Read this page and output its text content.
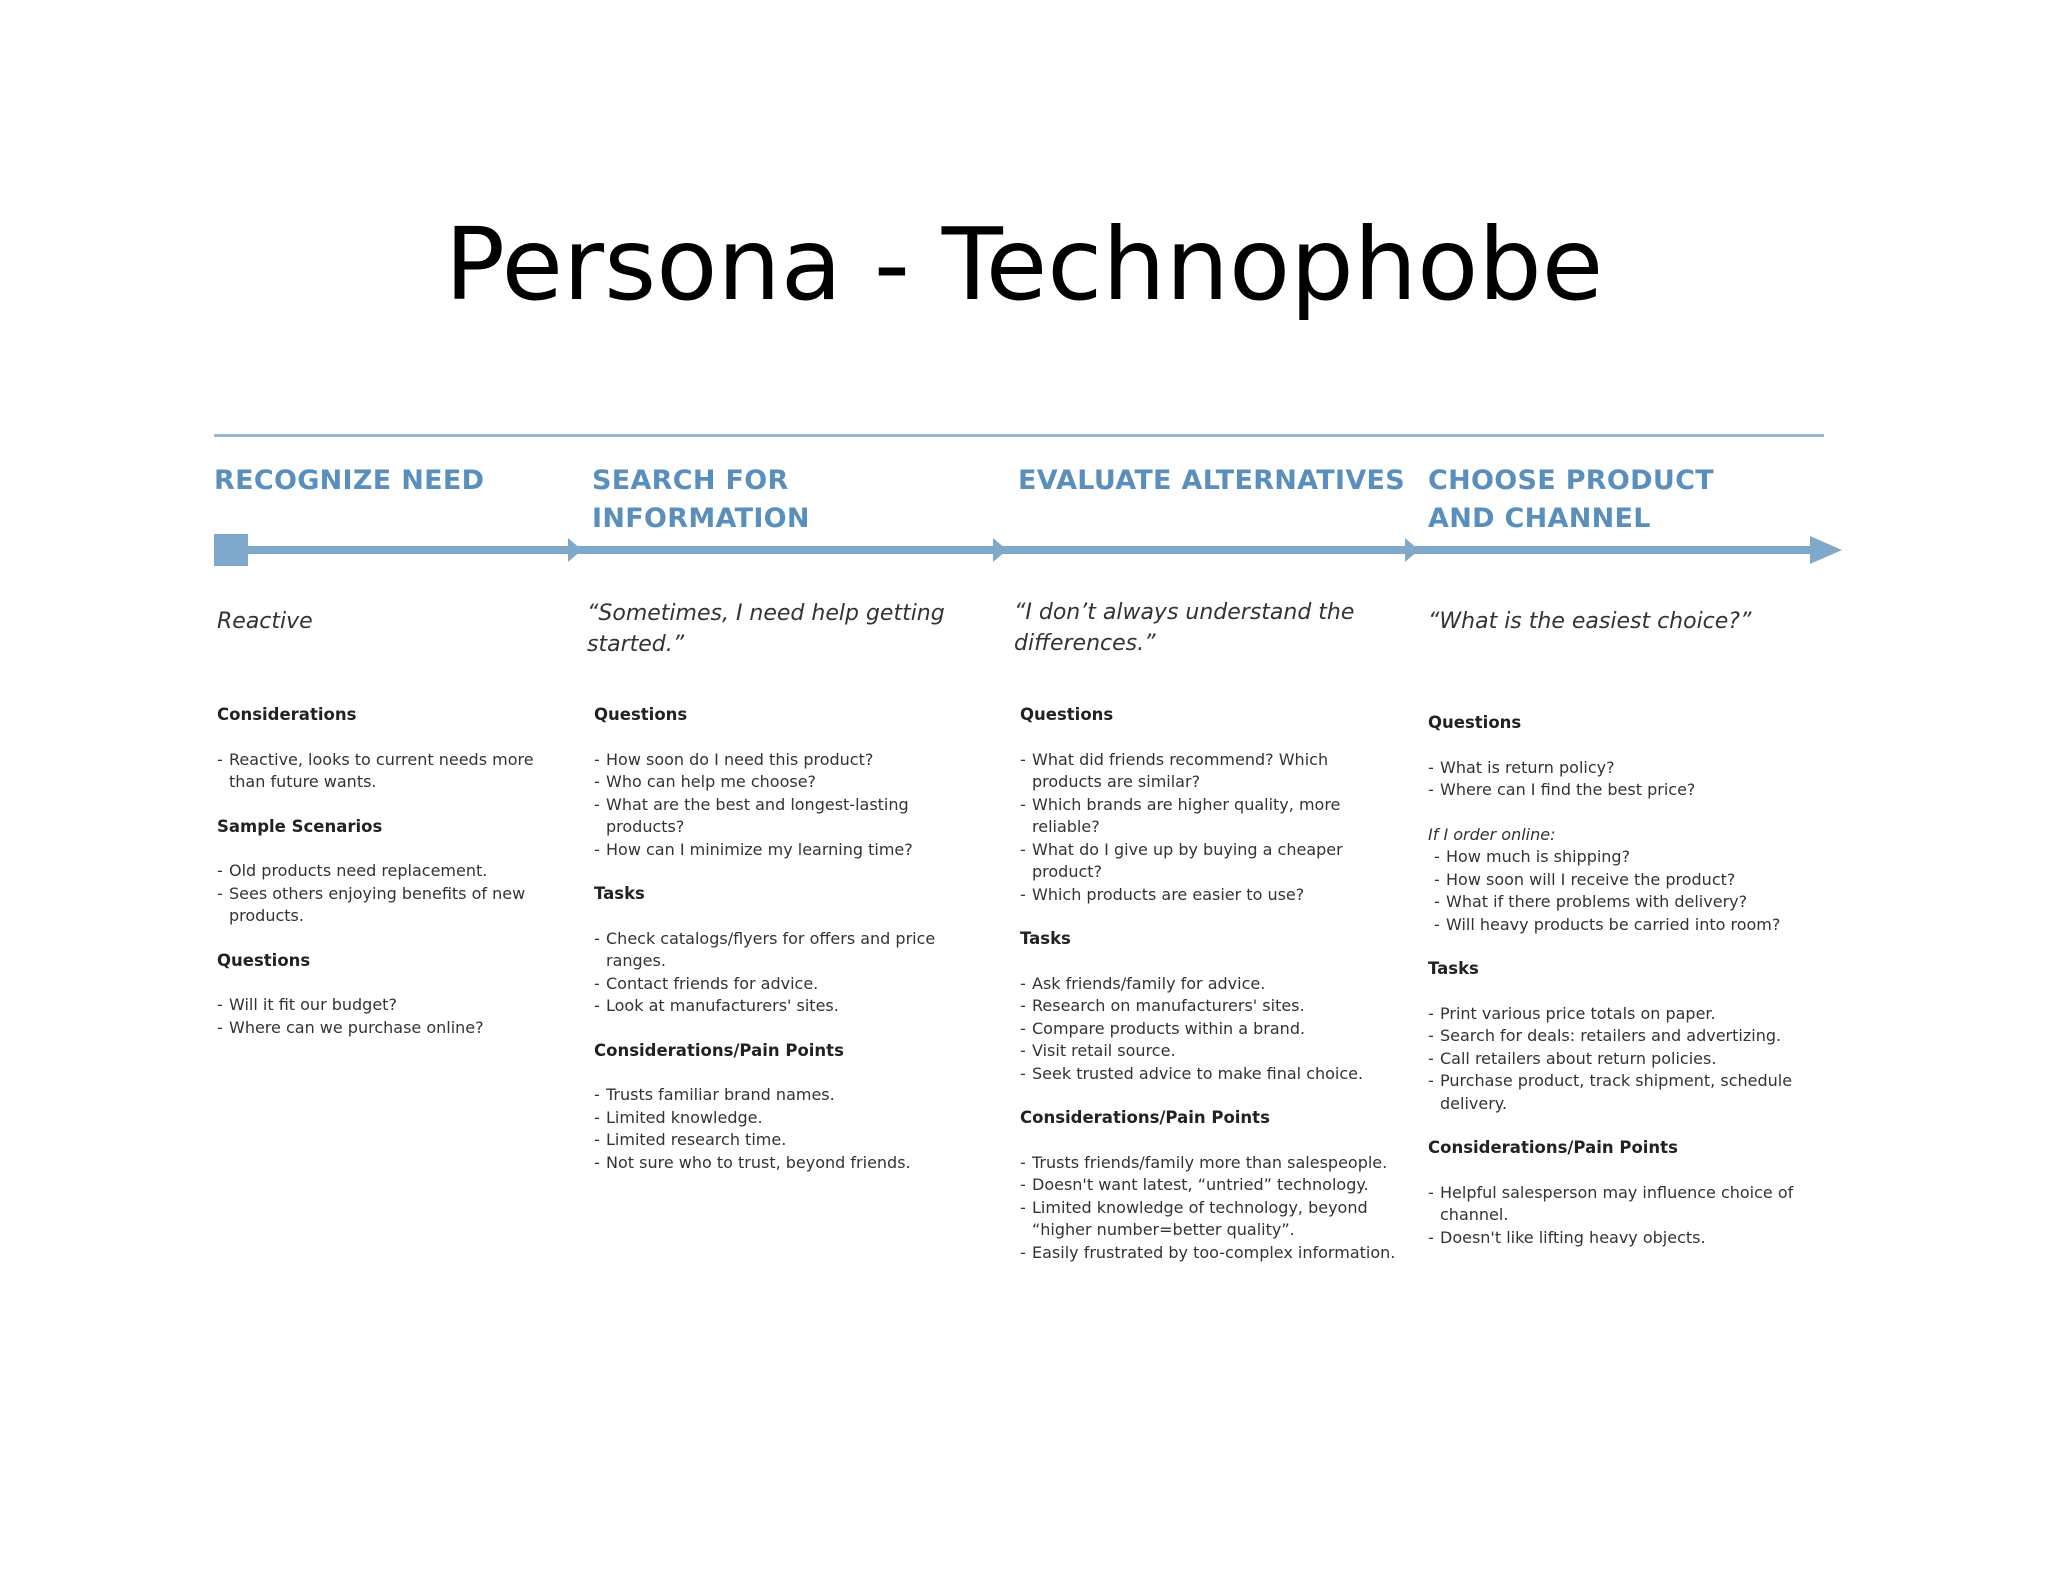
Persona - Technophobe
RECOGNIZE NEED	SEARCH FOR INFORMATION
EVALUATE ALTERNATIVES CHOOSE PRODUCT AND CHANNEL
Reactive	“Sometimes, I need help getting started.”
“I don’t always understand the differences.”
“What is the easiest choice?”

Considerations

- Reactive, looks to current needs more than future wants.

Sample Scenarios

- Old products need replacement.
- Sees others enjoying benefits of new products.

Questions

- Will it fit our budget?
- Where can we purchase online?

Questions

- How soon do I need this product?
- Who can help me choose?
- What are the best and longest-lasting products?
- How can I minimize my learning time?

Tasks

- Check catalogs/flyers for offers and price ranges.
- Contact friends for advice.
- Look at manufacturers' sites.

Considerations/Pain Points

- Trusts familiar brand names.
- Limited knowledge.
- Limited research time.
- Not sure who to trust, beyond friends.

Questions

- What did friends recommend? Which products are similar?
- Which brands are higher quality, more reliable?
- What do I give up by buying a cheaper product?
- Which products are easier to use?

Tasks

- Ask friends/family for advice.
- Research on manufacturers' sites.
- Compare products within a brand.
- Visit retail source.
- Seek trusted advice to make final choice.

Considerations/Pain Points

- Trusts friends/family more than salespeople.
- Doesn't want latest, “untried” technology.
- Limited knowledge of technology, beyond “higher number=better quality”.
- Easily frustrated by too-complex information.

Questions

- What is return policy?
- Where can I find the best price?

If I order online:

- How much is shipping?
- How soon will I receive the product?
- What if there problems with delivery?
- Will heavy products be carried into room?

Tasks

- Print various price totals on paper.
- Search for deals: retailers and advertizing.
- Call retailers about return policies.
- Purchase product, track shipment, schedule delivery.

Considerations/Pain Points

- Helpful salesperson may influence choice of channel.
- Doesn't like lifting heavy objects.
